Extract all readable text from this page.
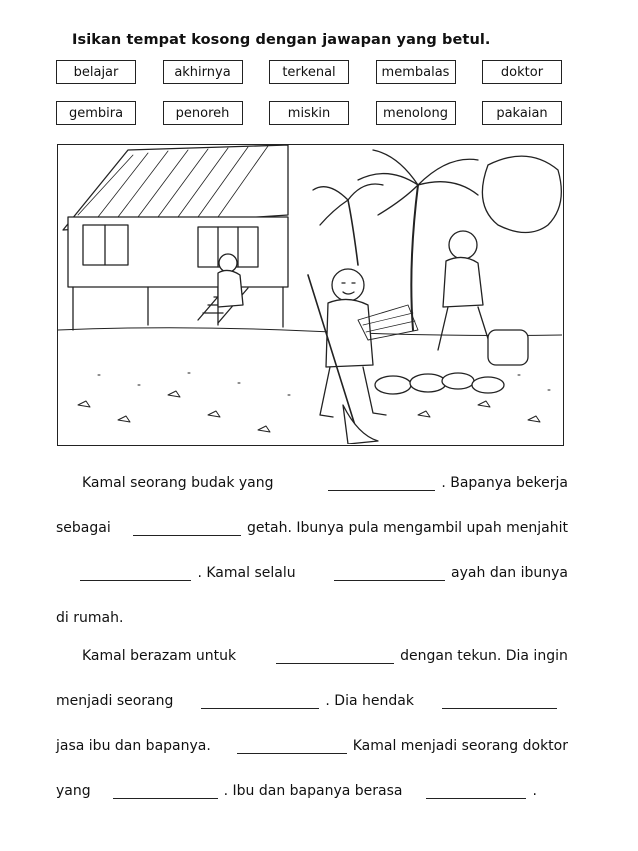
Isikan tempat kosong dengan jawapan yang betul.
belajar	akhirnya	terkenal	membalas	doktor
gembira	penoreh	miskin	menolong	pakaian
Kamal seorang budak yang	. Bapanya bekerja
sebagai	getah. Ibunya pula mengambil upah menjahit
. Kamal selalu	ayah dan ibunya
di rumah.
Kamal berazam untuk	dengan tekun. Dia ingin
menjadi seorang	. Dia hendak
jasa ibu dan bapanya.	Kamal menjadi seorang doktor
yang	. Ibu dan bapanya berasa	.
